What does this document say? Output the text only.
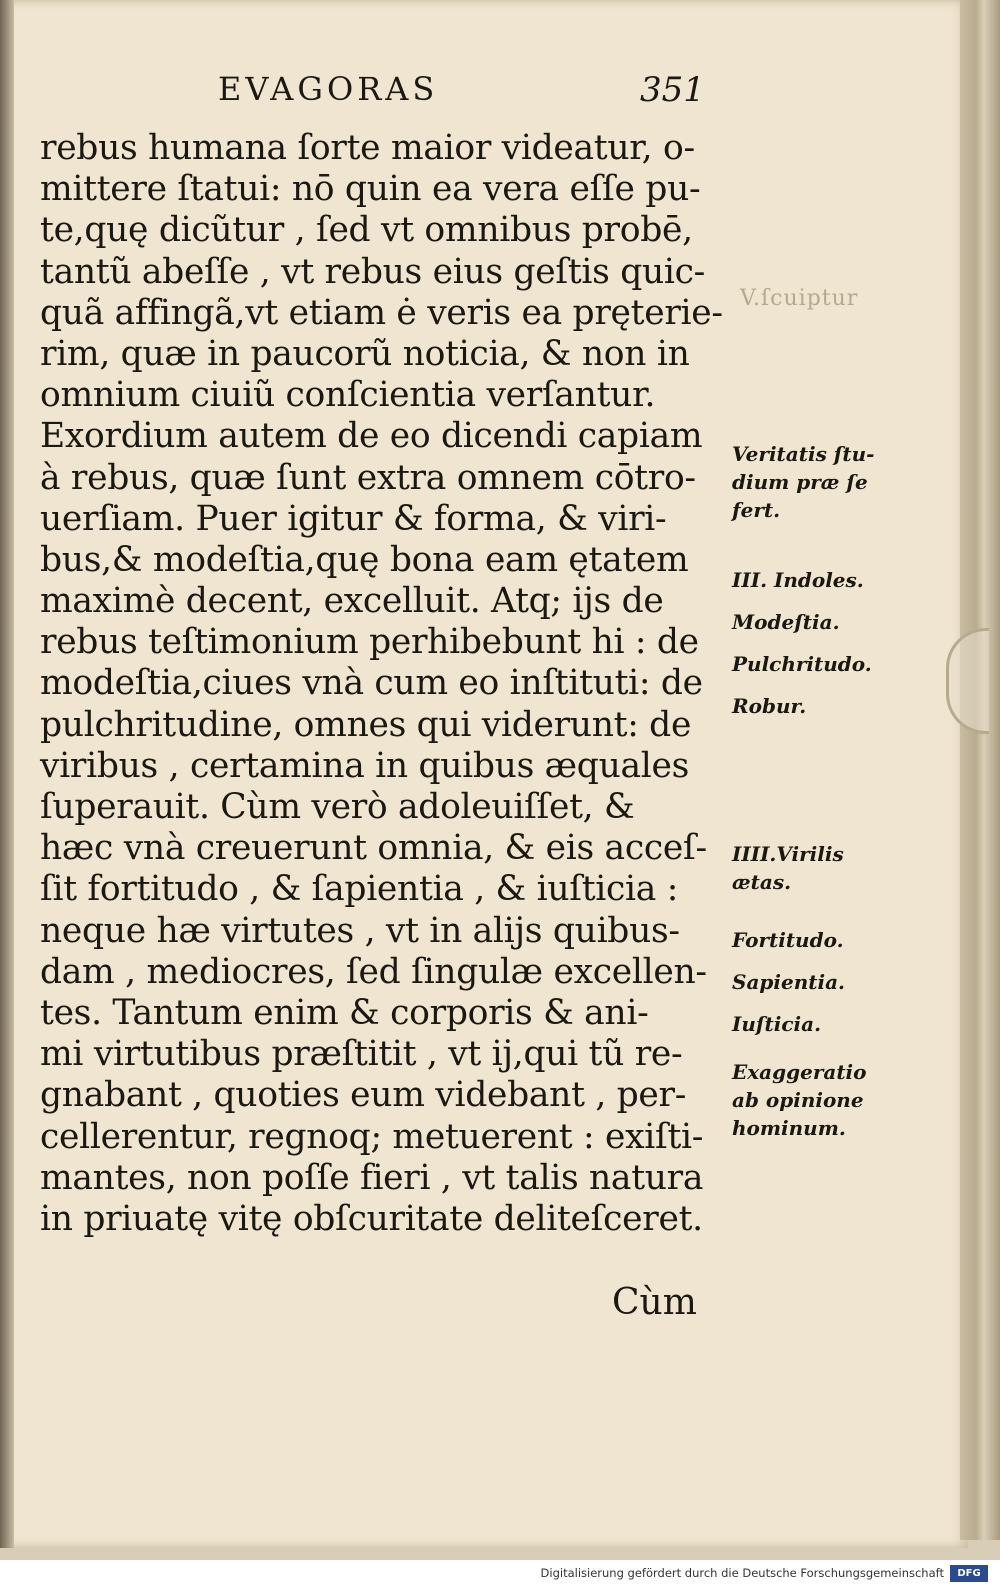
EVAGORAS	351
rebus humana ſorte maior videatur, o-
mittere ſtatui: nō quin ea vera eſſe pu-
te,quę dicũtur , ſed vt omnibus probē,
tantũ abeſſe , vt rebus eius geſtis quic-
quã affingã,vt etiam ė veris ea pręterie-
rim, quæ in paucorũ noticia, & non in
omnium ciuiũ conſcientia verſantur.
Exordium autem de eo dicendi capiam
à rebus, quæ ſunt extra omnem cōtro-
uerſiam. Puer igitur & forma, & viri-
bus,& modeſtia,quę bona eam ętatem
maximè decent, excelluit. Atq; ijs de
rebus teſtimonium perhibebunt hi : de
modeſtia,ciues vnà cum eo inſtituti: de
pulchritudine, omnes qui viderunt: de
viribus , certamina in quibus æquales
ſuperauit. Cùm verò adoleuiſſet, &
hæc vnà creuerunt omnia, & eis acceſ-
ſit fortitudo , & ſapientia , & iuſticia :
neque hæ virtutes , vt in alijs quibus-
dam , mediocres, ſed ſingulæ excellen-
tes. Tantum enim & corporis & ani-
mi virtutibus præſtitit , vt ij,qui tũ re-
gnabant , quoties eum videbant , per-
cellerentur, regnoq; metuerent : exiſti-
mantes, non poſſe fieri , vt talis natura
in priuatę vitę obſcuritate deliteſceret.
Cùm
Veritatis ſtu-
dium præ ſe
fert.
III. Indoles.
Modeſtia.
Pulchritudo.
Robur.
IIII.Virilis
ætas.
Fortitudo.
Sapientia.
Iuſticia.
Exaggeratio
ab opinione
hominum.
V.ſcuiptur
Digitalisierung gefördert durch die Deutsche Forschungsgemeinschaft	DFG
